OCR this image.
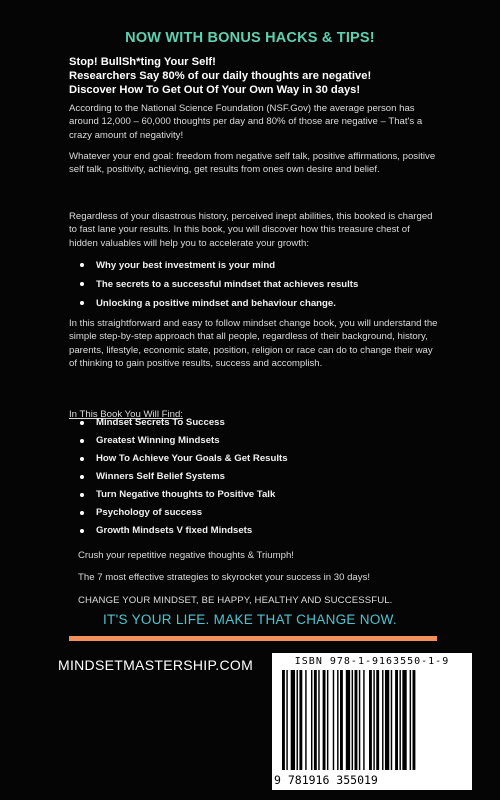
NOW WITH BONUS HACKS & TIPS!
Stop! BullSh*ting Your Self!
Researchers Say 80% of our daily thoughts are negative!
Discover How To Get Out Of Your Own Way in 30 days!
According to the National Science Foundation (NSF.Gov) the average person has around 12,000 – 60,000 thoughts per day and 80% of those are negative – That's a crazy amount of negativity!
Whatever your end goal: freedom from negative self talk, positive affirmations, positive self talk, positivity, achieving, get results from ones own desire and belief.
Regardless of your disastrous history, perceived inept abilities, this booked is charged to fast lane your results. In this book, you will discover how this treasure chest of hidden valuables will help you to accelerate your growth:
Why your best investment is your mind
The secrets to a successful mindset that achieves results
Unlocking a positive mindset and behaviour change.
In this straightforward and easy to follow mindset change book, you will understand the simple step-by-step approach that all people, regardless of their background, history, parents, lifestyle, economic state, position, religion or race can do to change their way of thinking to gain positive results, success and accomplish.
In This Book You Will Find:
Mindset Secrets To Success
Greatest Winning Mindsets
How To Achieve Your Goals & Get Results
Winners Self Belief Systems
Turn Negative thoughts to Positive Talk
Psychology of success
Growth Mindsets V fixed Mindsets
Crush your repetitive negative thoughts & Triumph!
The 7 most effective strategies to skyrocket your success in 30 days!
CHANGE YOUR MINDSET, BE HAPPY, HEALTHY AND SUCCESSFUL.
IT'S YOUR LIFE. MAKE THAT CHANGE NOW.
MINDSETMASTERSHIP.COM	ISBN 978-1-9163550-1-9
9 781916 355019
